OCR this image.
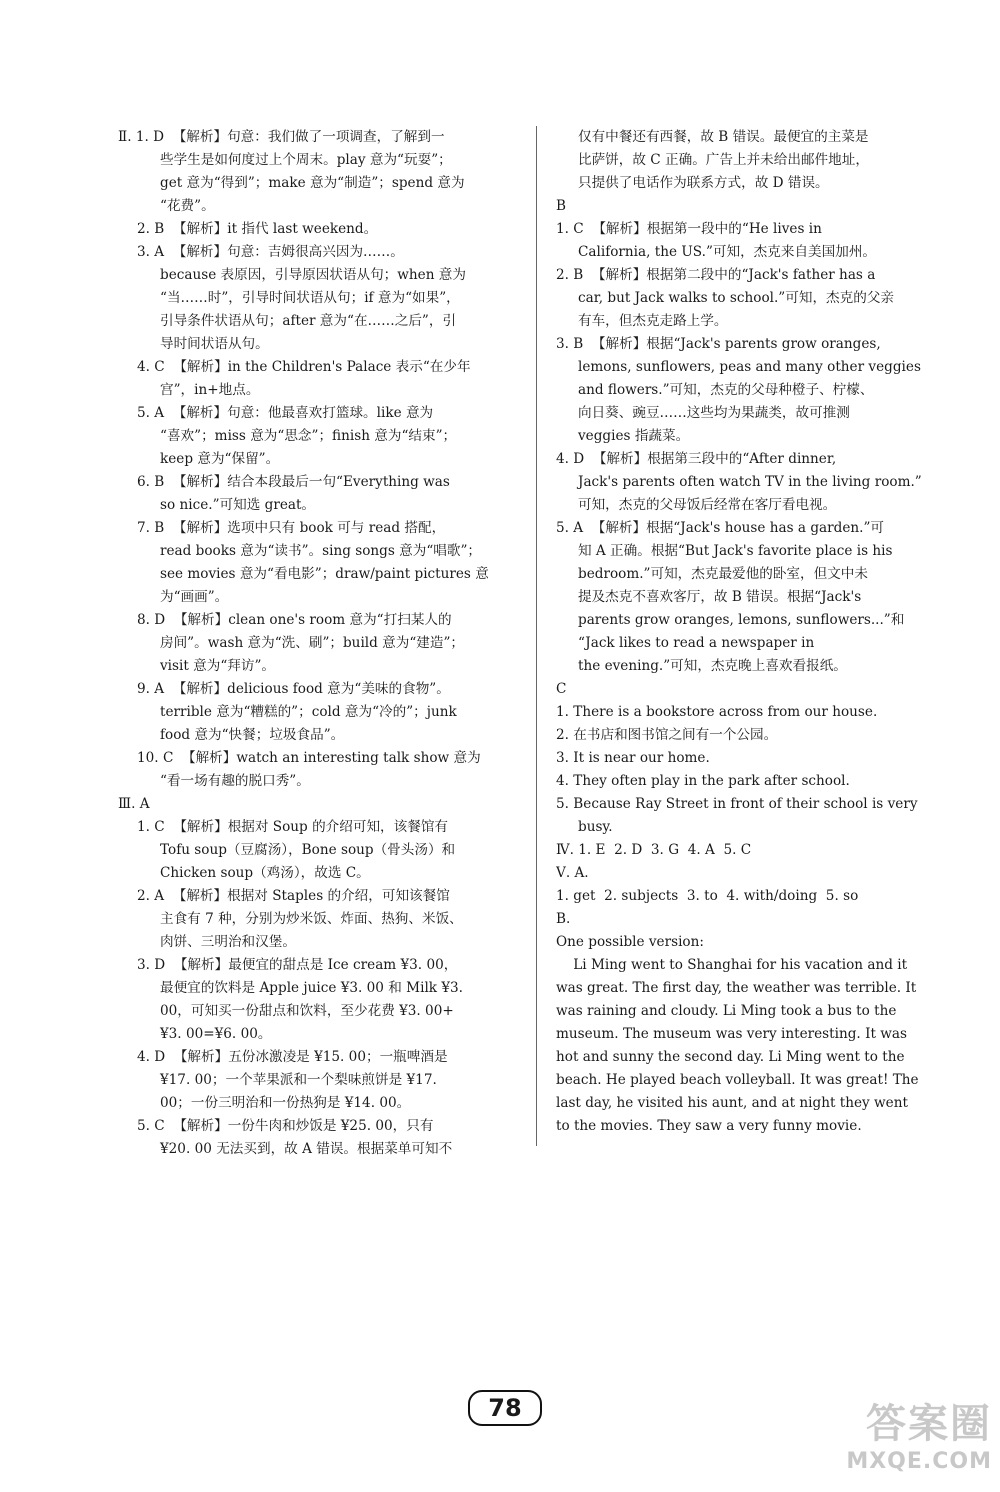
Ⅱ. 1. D  【解析】句意：我们做了一项调查，了解到一
些学生是如何度过上个周末。play 意为“玩耍”；
get 意为“得到”；make 意为“制造”；spend 意为
“花费”。
2. B  【解析】it 指代 last weekend。
3. A  【解析】句意：吉姆很高兴因为……。
because 表原因，引导原因状语从句；when 意为
“当……时”，引导时间状语从句；if 意为“如果”，
引导条件状语从句；after 意为“在……之后”，引
导时间状语从句。
4. C  【解析】in the Children's Palace 表示“在少年
宫”，in+地点。
5. A  【解析】句意：他最喜欢打篮球。like 意为
“喜欢”；miss 意为“思念”；finish 意为“结束”；
keep 意为“保留”。
6. B  【解析】结合本段最后一句“Everything was
so nice.”可知选 great。
7. B  【解析】选项中只有 book 可与 read 搭配，
read books 意为“读书”。sing songs 意为“唱歌”；
see movies 意为“看电影”；draw/paint pictures 意
为“画画”。
8. D  【解析】clean one's room 意为“打扫某人的
房间”。wash 意为“洗、刷”；build 意为“建造”；
visit 意为“拜访”。
9. A  【解析】delicious food 意为“美味的食物”。
terrible 意为“糟糕的”；cold 意为“冷的”；junk
food 意为“快餐；垃圾食品”。
10. C  【解析】watch an interesting talk show 意为
“看一场有趣的脱口秀”。
Ⅲ. A
1. C  【解析】根据对 Soup 的介绍可知，该餐馆有
Tofu soup（豆腐汤），Bone soup（骨头汤）和
Chicken soup（鸡汤），故选 C。
2. A  【解析】根据对 Staples 的介绍，可知该餐馆
主食有 7 种，分别为炒米饭、炸面、热狗、米饭、
肉饼、三明治和汉堡。
3. D  【解析】最便宜的甜点是 Ice cream ¥3. 00，
最便宜的饮料是 Apple juice ¥3. 00 和 Milk ¥3.
00，可知买一份甜点和饮料，至少花费 ¥3. 00+
¥3. 00=¥6. 00。
4. D  【解析】五份冰激凌是 ¥15. 00；一瓶啤酒是
¥17. 00；一个苹果派和一个梨味煎饼是 ¥17.
00；一份三明治和一份热狗是 ¥14. 00。
5. C  【解析】一份牛肉和炒饭是 ¥25. 00，只有
¥20. 00 无法买到，故 A 错误。根据菜单可知不
仅有中餐还有西餐，故 B 错误。最便宜的主菜是
比萨饼，故 C 正确。广告上并未给出邮件地址，
只提供了电话作为联系方式，故 D 错误。
B
1. C  【解析】根据第一段中的“He lives in
California, the US.”可知，杰克来自美国加州。
2. B  【解析】根据第二段中的“Jack's father has a
car, but Jack walks to school.”可知，杰克的父亲
有车，但杰克走路上学。
3. B  【解析】根据“Jack's parents grow oranges,
lemons, sunflowers, peas and many other veggies
and flowers.”可知，杰克的父母种橙子、柠檬、
向日葵、豌豆……这些均为果蔬类，故可推测
veggies 指蔬菜。
4. D  【解析】根据第三段中的“After dinner,
Jack's parents often watch TV in the living room.”
可知，杰克的父母饭后经常在客厅看电视。
5. A  【解析】根据“Jack's house has a garden.”可
知 A 正确。根据“But Jack's favorite place is his
bedroom.”可知，杰克最爱他的卧室，但文中未
提及杰克不喜欢客厅，故 B 错误。根据“Jack's
parents grow oranges, lemons, sunflowers...”和
“Jack likes to read a newspaper in
the evening.”可知，杰克晚上喜欢看报纸。
C
1. There is a bookstore across from our house.
2. 在书店和图书馆之间有一个公园。
3. It is near our home.
4. They often play in the park after school.
5. Because Ray Street in front of their school is very
busy.
Ⅳ. 1. E  2. D  3. G  4. A  5. C
Ⅴ. A.
1. get  2. subjects  3. to  4. with/doing  5. so
B.
One possible version:
Li Ming went to Shanghai for his vacation and it
was great. The first day, the weather was terrible. It
was raining and cloudy. Li Ming took a bus to the
museum. The museum was very interesting. It was
hot and sunny the second day. Li Ming went to the
beach. He played beach volleyball. It was great! The
last day, he visited his aunt, and at night they went
to the movies. They saw a very funny movie.
78	答案圈
MXQE.COM
